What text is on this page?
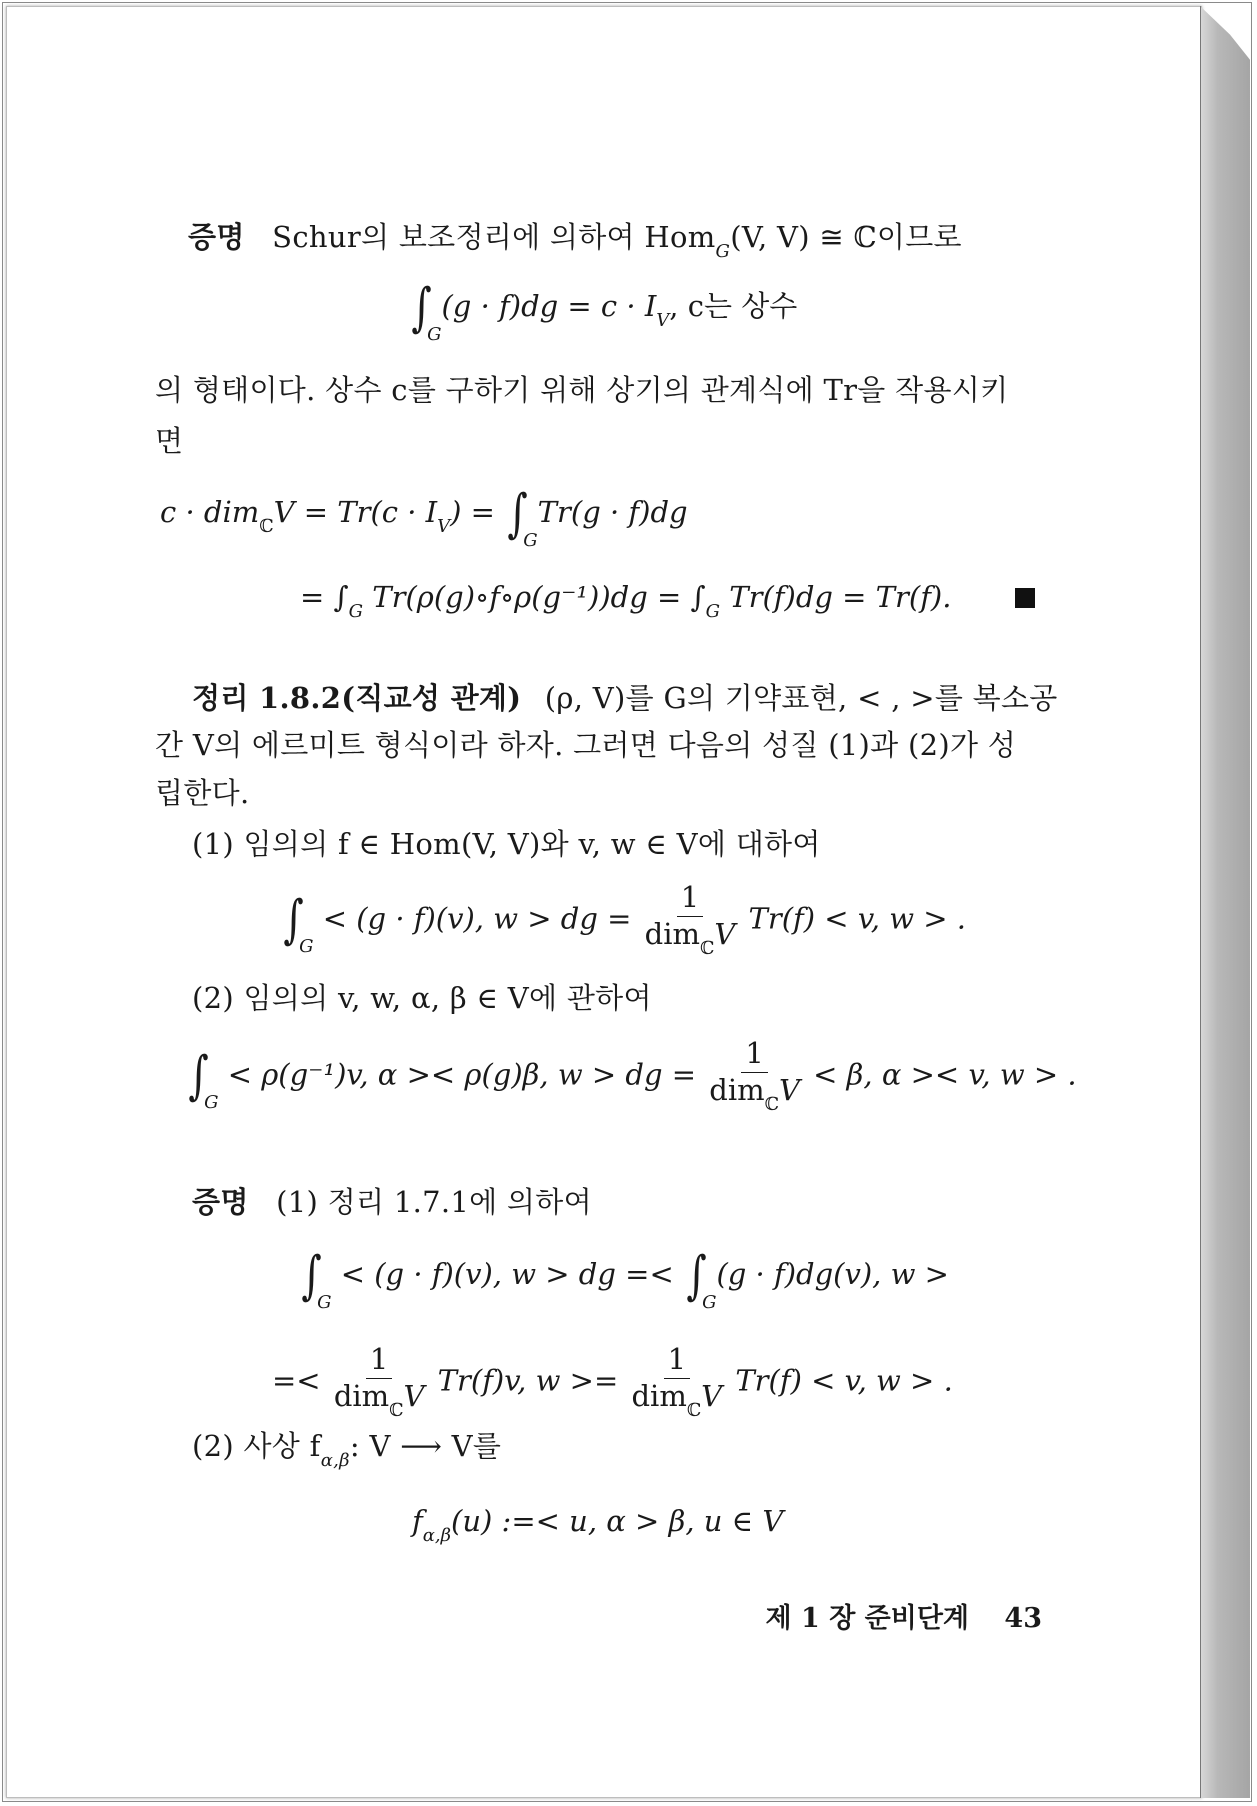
증명 Schur의 보조정리에 의하여 Hom$_G$(V, V) ≅ ℂ이므로
$\int_G(g \cdot f)dg = c \cdot I_V$, c는 상수
의 형태이다. 상수 c를 구하기 위해 상기의 관계식에 Tr을 작용시키
면
$c \cdot dim_ℂV = Tr(c \cdot I_V) = \int_GTr(g \cdot f)dg$
= $\int_G$ Tr(ρ(g)∘f∘ρ(g⁻¹))dg = $\int_G$ Tr(f)dg = Tr(f).
정리 1.8.2(직교성 관계) (ρ, V)를 G의 기약표현, < , >를 복소공
간 V의 에르미트 형식이라 하자. 그러면 다음의 성질 (1)과 (2)가 성
립한다.
(1) 임의의 f ∈ Hom(V, V)와 v, w ∈ V에 대하여
$\int_G < (g \cdot f)(v)$, w > dg = $\frac{1}{dim_ℂV} Tr(f) < v$, w > .
(2) 임의의 v, w, α, β ∈ V에 관하여
$\int_G < \rho(g^{-1})v$, α >< ρ(g)β, w > dg = $\frac{1}{dim_ℂV} < \beta$, α >< v, w > .
증명 (1) 정리 1.7.1에 의하여
$\int_G < (g \cdot f)(v)$, w > dg =< $\int_G(g \cdot f)dg(v)$, w >
=< $\frac{1}{dim_ℂV} Tr(f)v$, $w >= \frac{1}{dim_ℂV} Tr(f) < v$, w > .
(2) 사상 $f_{\alpha,\beta}$: V ⟶ V를
$f_{\alpha,\beta}(u)$ :=< u, α > β, u ∈ V
제 1 장 준비단계 43
